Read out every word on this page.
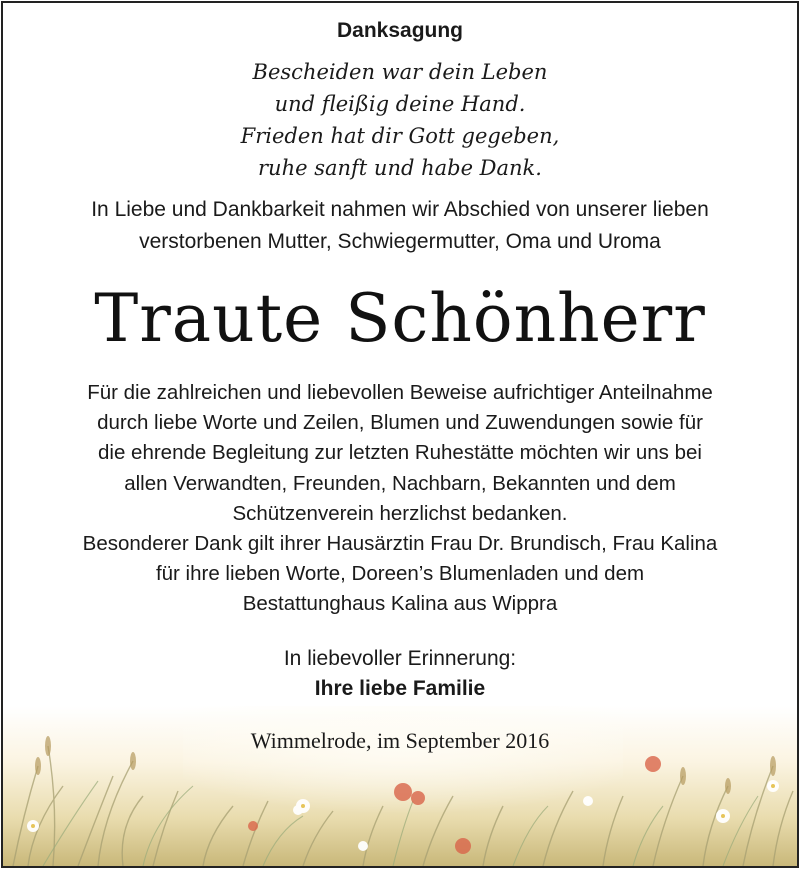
Danksagung
Bescheiden war dein Leben
und fleißig deine Hand.
Frieden hat dir Gott gegeben,
ruhe sanft und habe Dank.
In Liebe und Dankbarkeit nahmen wir Abschied von unserer lieben
verstorbenen Mutter, Schwiegermutter, Oma und Uroma
Traute Schönherr
Für die zahlreichen und liebevollen Beweise aufrichtiger Anteilnahme
durch liebe Worte und Zeilen, Blumen und Zuwendungen sowie für
die ehrende Begleitung zur letzten Ruhestätte möchten wir uns bei
allen Verwandten, Freunden, Nachbarn, Bekannten und dem
Schützenverein herzlichst bedanken.
Besonderer Dank gilt ihrer Hausärztin Frau Dr. Brundisch, Frau Kalina
für ihre lieben Worte, Doreen’s Blumenladen und dem
Bestattunghaus Kalina aus Wippra
In liebevoller Erinnerung:
Ihre liebe Familie
Wimmelrode, im September 2016
